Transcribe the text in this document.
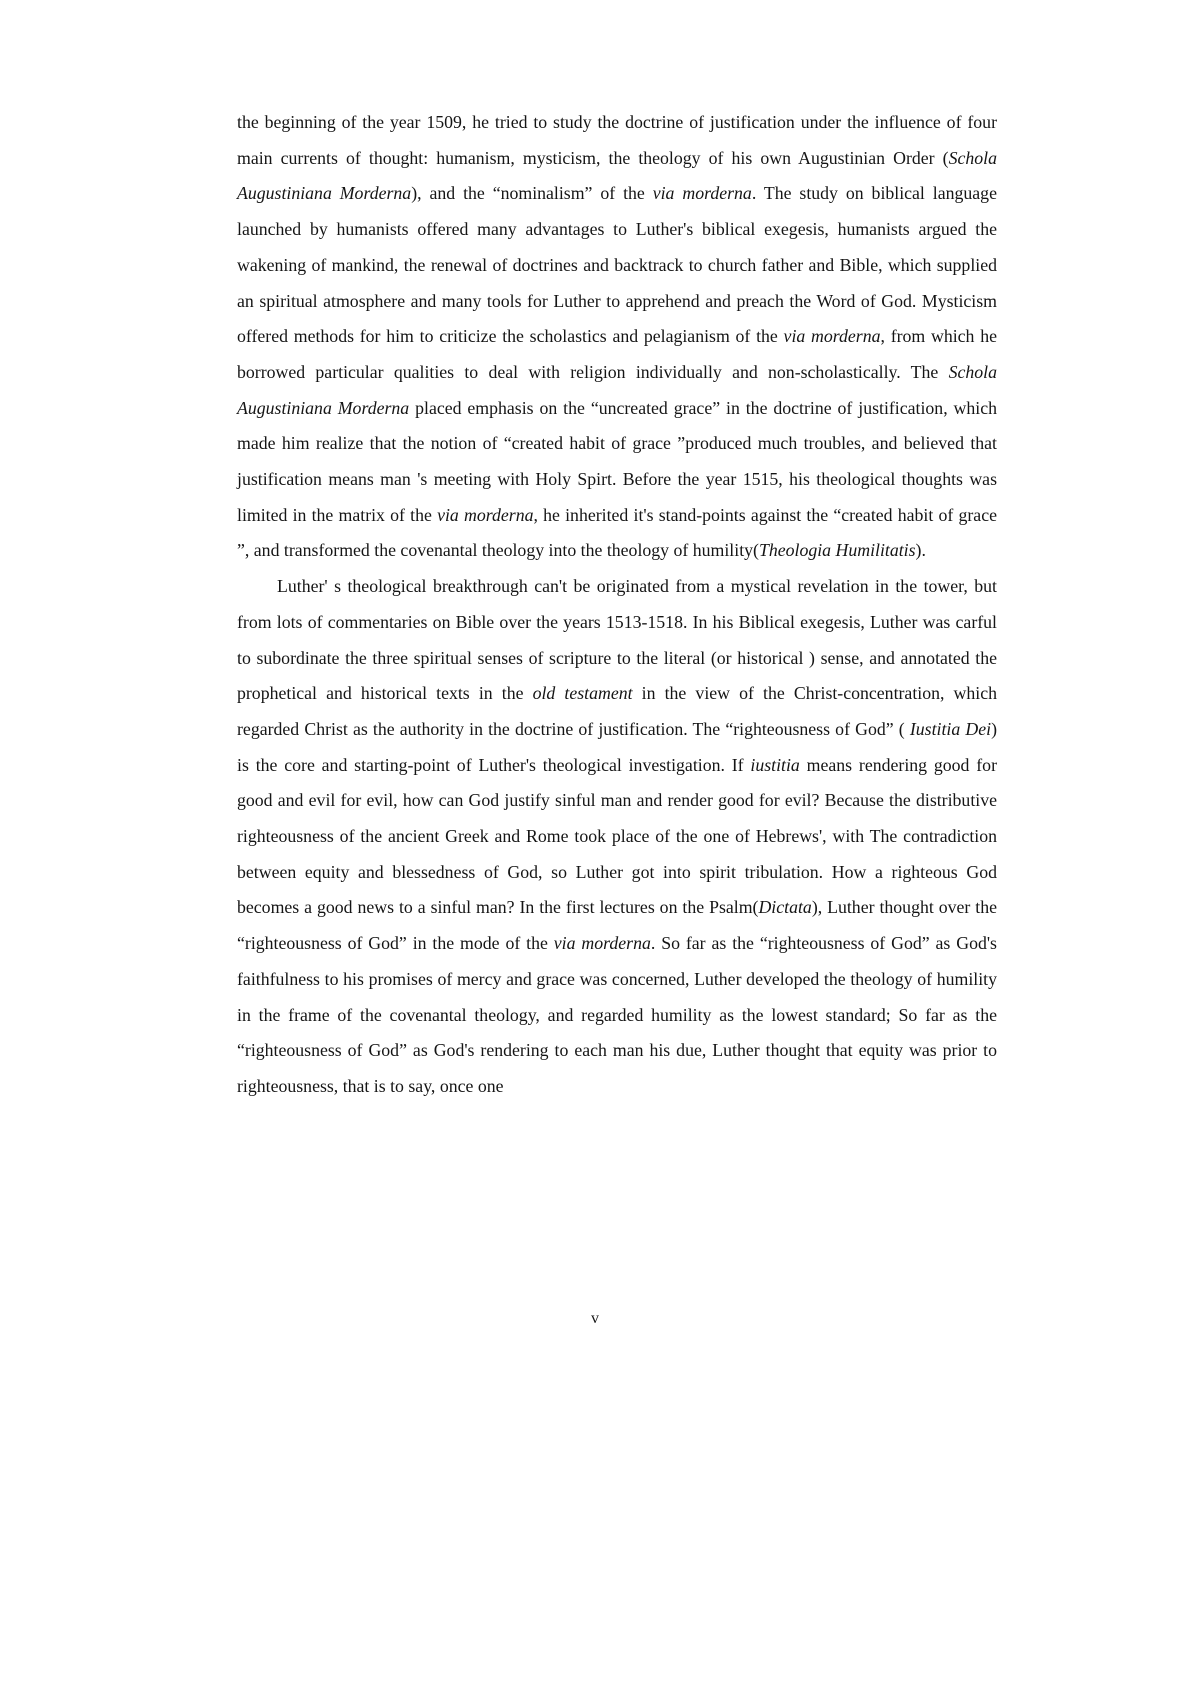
the beginning of the year 1509, he tried to study the doctrine of justification under the influence of four main currents of thought: humanism, mysticism, the theology of his own Augustinian Order (Schola Augustiniana Morderna), and the “nominalism” of the via morderna. The study on biblical language launched by humanists offered many advantages to Luther's biblical exegesis, humanists argued the wakening of mankind, the renewal of doctrines and backtrack to church father and Bible, which supplied an spiritual atmosphere and many tools for Luther to apprehend and preach the Word of God. Mysticism offered methods for him to criticize the scholastics and pelagianism of the via morderna, from which he borrowed particular qualities to deal with religion individually and non-scholastically. The Schola Augustiniana Morderna placed emphasis on the “uncreated grace” in the doctrine of justification, which made him realize that the notion of “created habit of grace ”produced much troubles, and believed that justification means man 's meeting with Holy Spirt. Before the year 1515, his theological thoughts was limited in the matrix of the via morderna, he inherited it's stand-points against the “created habit of grace ”, and transformed the covenantal theology into the theology of humility(Theologia Humilitatis).

Luther' s theological breakthrough can't be originated from a mystical revelation in the tower, but from lots of commentaries on Bible over the years 1513-1518. In his Biblical exegesis, Luther was carful to subordinate the three spiritual senses of scripture to the literal (or historical ) sense, and annotated the prophetical and historical texts in the old testament in the view of the Christ-concentration, which regarded Christ as the authority in the doctrine of justification. The “righteousness of God” ( Iustitia Dei) is the core and starting-point of Luther's theological investigation. If iustitia means rendering good for good and evil for evil, how can God justify sinful man and render good for evil? Because the distributive righteousness of the ancient Greek and Rome took place of the one of Hebrews', with The contradiction between equity and blessedness of God, so Luther got into spirit tribulation. How a righteous God becomes a good news to a sinful man? In the first lectures on the Psalm(Dictata), Luther thought over the “righteousness of God” in the mode of the via morderna. So far as the “righteousness of God” as God's faithfulness to his promises of mercy and grace was concerned, Luther developed the theology of humility in the frame of the covenantal theology, and regarded humility as the lowest standard; So far as the “righteousness of God” as God's rendering to each man his due, Luther thought that equity was prior to righteousness, that is to say, once one

v
